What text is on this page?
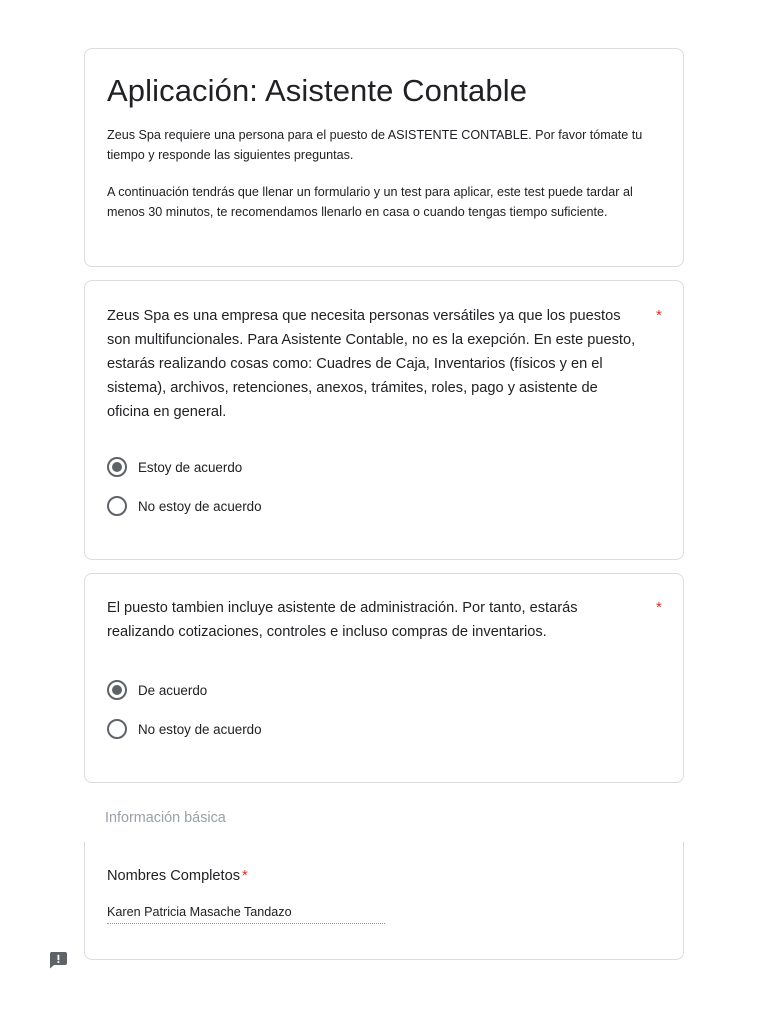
Aplicación: Asistente Contable

Zeus Spa requiere una persona para el puesto de ASISTENTE CONTABLE. Por favor tómate tu tiempo y responde las siguientes preguntas.

A continuación tendrás que llenar un formulario y un test para aplicar, este test puede tardar al menos 30 minutos, te recomendamos llenarlo en casa o cuando tengas tiempo suficiente.

Zeus Spa es una empresa que necesita personas versátiles ya que los puestos son multifuncionales. Para Asistente Contable, no es la exepción. En este puesto, estarás realizando cosas como: Cuadres de Caja, Inventarios (físicos y en el sistema), archivos, retenciones, anexos, trámites, roles, pago y asistente de oficina en general.

*
Estoy de acuerdo
No estoy de acuerdo

El puesto tambien incluye asistente de administración. Por tanto, estarás realizando cotizaciones, controles e incluso compras de inventarios.

*
De acuerdo
No estoy de acuerdo
Información básica
Nombres Completos *
Karen Patricia Masache Tandazo
